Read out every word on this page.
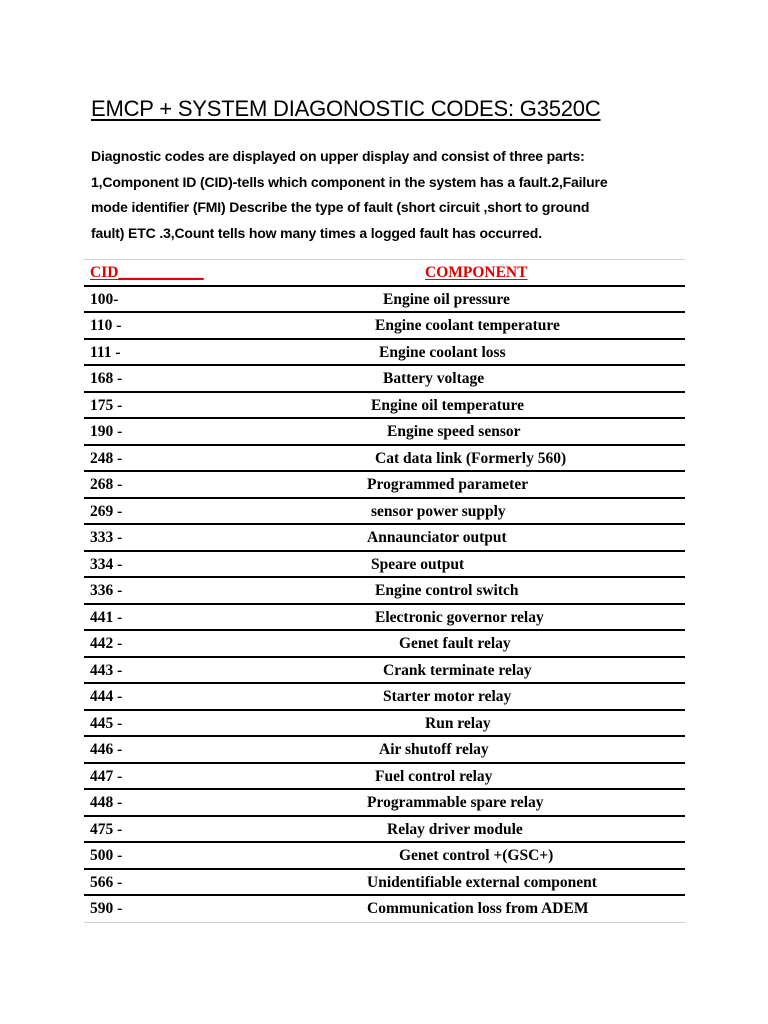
EMCP + SYSTEM DIAGONOSTIC CODES: G3520C
Diagnostic codes are displayed on upper display and consist of three parts:
1,Component ID (CID)-tells which component in the system has a fault.2,Failure
mode identifier (FMI) Describe the type of fault (short circuit ,short to ground
fault) ETC .3,Count tells how many times a logged fault has occurred.
CID___________	COMPONENT
100-	Engine oil pressure
110 -	Engine coolant temperature
111 -	Engine coolant loss
168 -	Battery voltage
175 -	Engine oil temperature
190 -	Engine speed sensor
248 -	Cat data link (Formerly 560)
268 -	Programmed parameter
269 -	sensor power supply
333 -	Annaunciator output
334 -	Speare output
336 -	Engine control switch
441 -	Electronic governor relay
442 -	Genet fault relay
443 -	Crank terminate relay
444 -	Starter motor relay
445 -	Run relay
446 -	Air shutoff relay
447 -	Fuel control relay
448 -	Programmable spare relay
475 -	Relay driver module
500 -	Genet control +(GSC+)
566 -	Unidentifiable external component
590 -	Communication loss from ADEM
